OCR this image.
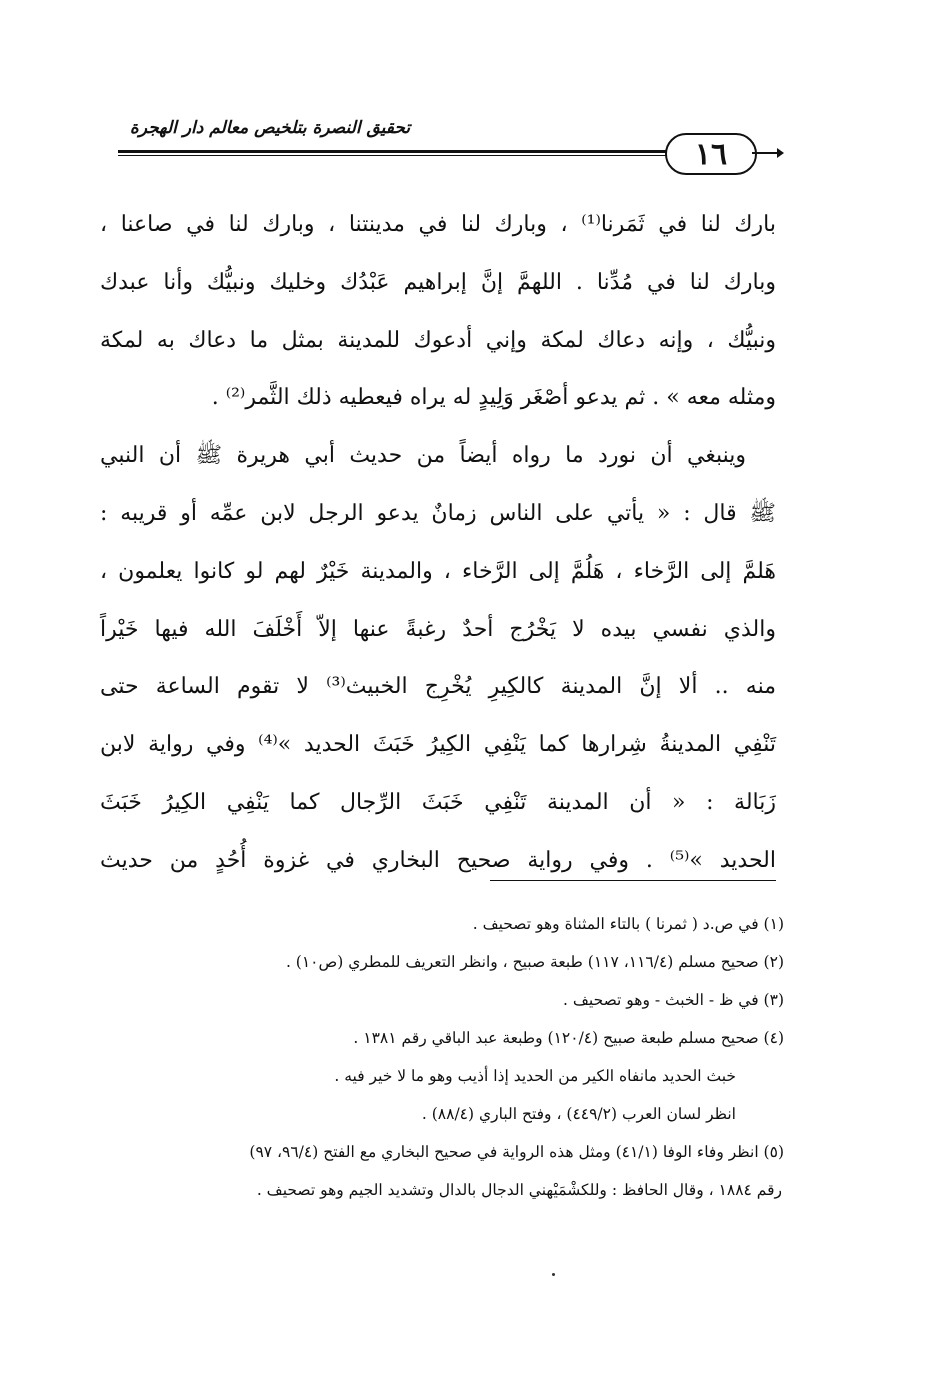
تحقيق النصرة بتلخيص معالم دار الهجرة
١٦

بارك لنا في ثَمَرنا⁽¹⁾ ، وبارك لنا في مدينتنا ، وبارك لنا في صاعنا ،

وبارك لنا في مُدِّنا . اللهمَّ إنَّ إبراهيم عَبْدُك وخليك ونبيُّك وأنا عبدك

ونبيُّك ، وإنه دعاك لمكة وإني أدعوك للمدينة بمثل ما دعاك به لمكة

ومثله معه » . ثم يدعو أصْغَر وَلِيدٍ له يراه فيعطيه ذلك الثَّمر⁽²⁾ .

وينبغي أن نورد ما رواه أيضاً من حديث أبي هريرة ﷺ أن النبي

ﷺ قال : « يأتي على الناس زمانٌ يدعو الرجل لابن عمِّه أو قريبه :

هَلمَّ إلى الرَّخاء ، هَلُمَّ إلى الرَّخاء ، والمدينة خَيْرٌ لهم لو كانوا يعلمون ،

والذي نفسي بيده لا يَخْرُج أحدٌ رغبةً عنها إلاّ أَخْلَفَ الله فيها خَيْراً

منه .. ألا إنَّ المدينة كالكِيرِ يُخْرِج الخبيث⁽³⁾ لا تقوم الساعة حتى

تَنْفِي المدينةُ شِرارها كما يَنْفِي الكِيرُ خَبَثَ الحديد »⁽⁴⁾ وفي رواية لابن

زَبَالة : « أن المدينة تَنْفِي خَبَثَ الرِّجال كما يَنْفِي الكِيرُ خَبَثَ

الحديد »⁽⁵⁾ . وفي رواية صحيح البخاري في غزوة أُحُدٍ من حديث

(١) في ص.د ( ثمرنا ) بالتاء المثناة وهو تصحيف .

(٢) صحيح مسلم (١١٦/٤، ١١٧) طبعة صبيح ، وانظر التعريف للمطري (ص١٠) .

(٣) في ظ - الخبث - وهو تصحيف .

(٤) صحيح مسلم طبعة صبيح (١٢٠/٤) وطبعة عبد الباقي رقم ١٣٨١ .

خبث الحديد مانفاه الكير من الحديد إذا أذيب وهو ما لا خير فيه .

انظر لسان العرب (٤٤٩/٢) ، وفتح الباري (٨٨/٤) .

(٥) انظر وفاء الوفا (٤١/١) ومثل هذه الرواية في صحيح البخاري مع الفتح (٩٦/٤، ٩٧)

رقم ١٨٨٤ ، وقال الحافظ : وللكشْمَيْهني الدجال بالدال وتشديد الجيم وهو تصحيف .
